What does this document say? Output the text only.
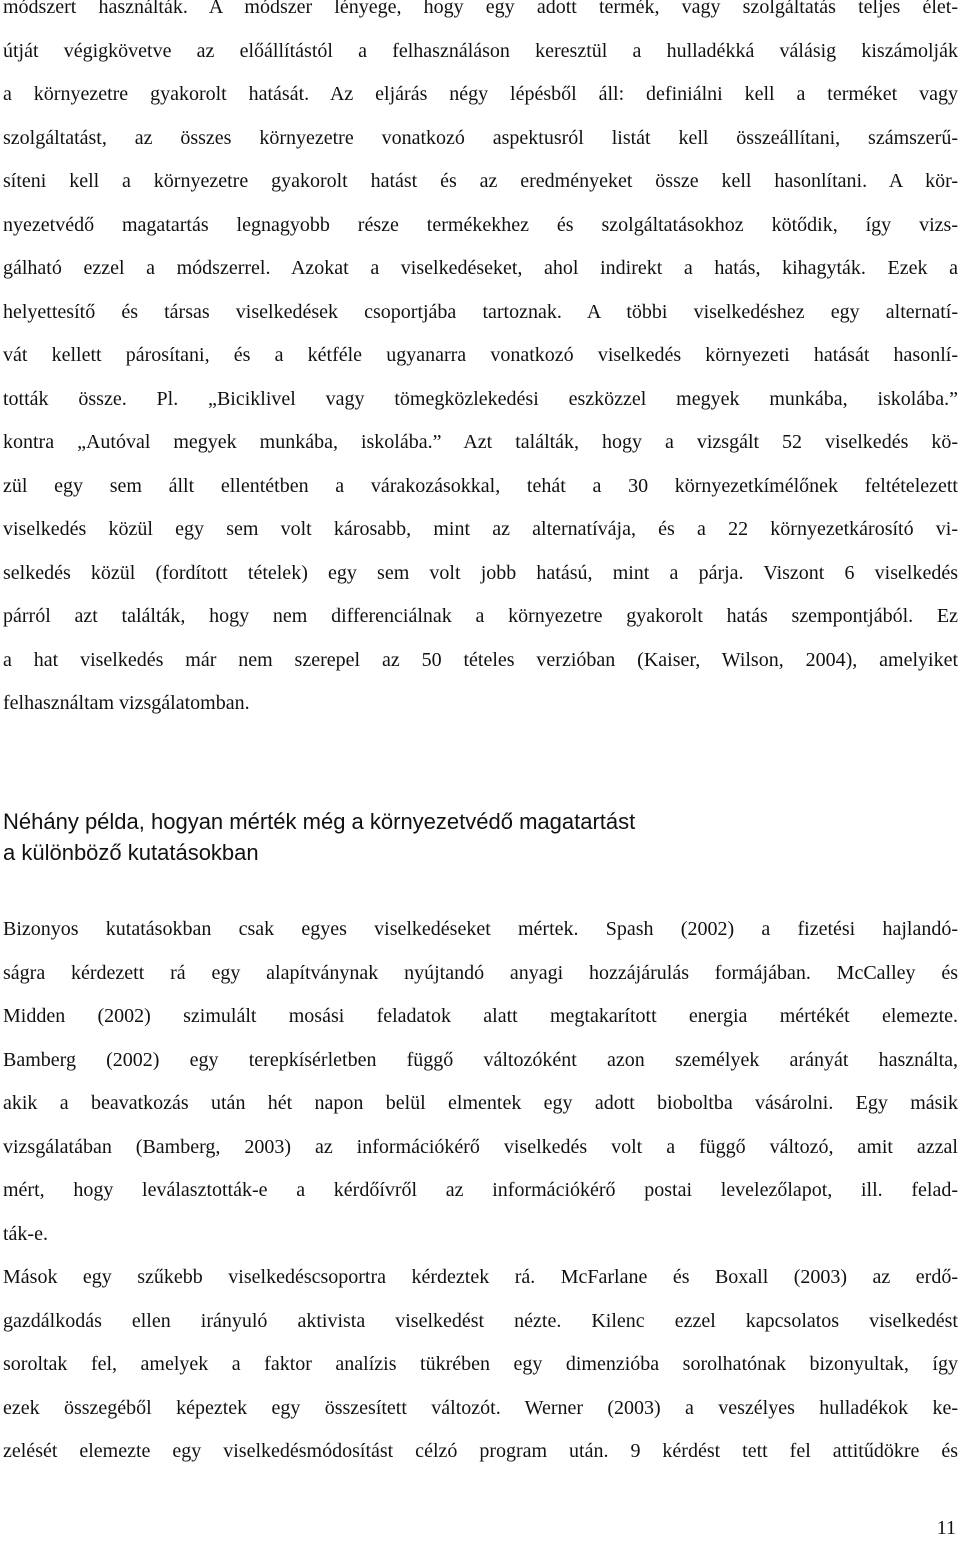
módszert használták. A módszer lényege, hogy egy adott termék, vagy szolgáltatás teljes élet-
útját végigkövetve az előállítástól a felhasználáson keresztül a hulladékká válásig kiszámolják
a környezetre gyakorolt hatását. Az eljárás négy lépésből áll: definiálni kell a terméket vagy
szolgáltatást, az összes környezetre vonatkozó aspektusról listát kell összeállítani, számszerű-
síteni kell a környezetre gyakorolt hatást és az eredményeket össze kell hasonlítani. A kör-
nyezetvédő magatartás legnagyobb része termékekhez és szolgáltatásokhoz kötődik, így vizs-
gálható ezzel a módszerrel. Azokat a viselkedéseket, ahol indirekt a hatás, kihagyták. Ezek a
helyettesítő és társas viselkedések csoportjába tartoznak. A többi viselkedéshez egy alternatí-
vát kellett párosítani, és a kétféle ugyanarra vonatkozó viselkedés környezeti hatását hasonlí-
tották össze. Pl. „Biciklivel vagy tömegközlekedési eszközzel megyek munkába, iskolába.”
kontra „Autóval megyek munkába, iskolába.” Azt találták, hogy a vizsgált 52 viselkedés kö-
zül egy sem állt ellentétben a várakozásokkal, tehát a 30 környezetkímélőnek feltételezett
viselkedés közül egy sem volt károsabb, mint az alternatívája, és a 22 környezetkárosító vi-
selkedés közül (fordított tételek) egy sem volt jobb hatású, mint a párja. Viszont 6 viselkedés
párról azt találták, hogy nem differenciálnak a környezetre gyakorolt hatás szempontjából. Ez
a hat viselkedés már nem szerepel az 50 tételes verzióban (Kaiser, Wilson, 2004), amelyiket
felhasználtam vizsgálatomban.
Néhány példa, hogyan mérték még a környezetvédő magatartást
a különböző kutatásokban
Bizonyos kutatásokban csak egyes viselkedéseket mértek. Spash (2002) a fizetési hajlandó-
ságra kérdezett rá egy alapítványnak nyújtandó anyagi hozzájárulás formájában. McCalley és
Midden (2002) szimulált mosási feladatok alatt megtakarított energia mértékét elemezte.
Bamberg (2002) egy terepkísérletben függő változóként azon személyek arányát használta,
akik a beavatkozás után hét napon belül elmentek egy adott bioboltba vásárolni. Egy másik
vizsgálatában (Bamberg, 2003) az információkérő viselkedés volt a függő változó, amit azzal
mért, hogy leválasztották-e a kérdőívről az információkérő postai levelezőlapot, ill. felad-
ták-e.
Mások egy szűkebb viselkedéscsoportra kérdeztek rá. McFarlane és Boxall (2003) az erdő-
gazdálkodás ellen irányuló aktivista viselkedést nézte. Kilenc ezzel kapcsolatos viselkedést
soroltak fel, amelyek a faktor analízis tükrében egy dimenzióba sorolhatónak bizonyultak, így
ezek összegéből képeztek egy összesített változót. Werner (2003) a veszélyes hulladékok ke-
zelését elemezte egy viselkedésmódosítást célzó program után. 9 kérdést tett fel attitűdökre és
11
